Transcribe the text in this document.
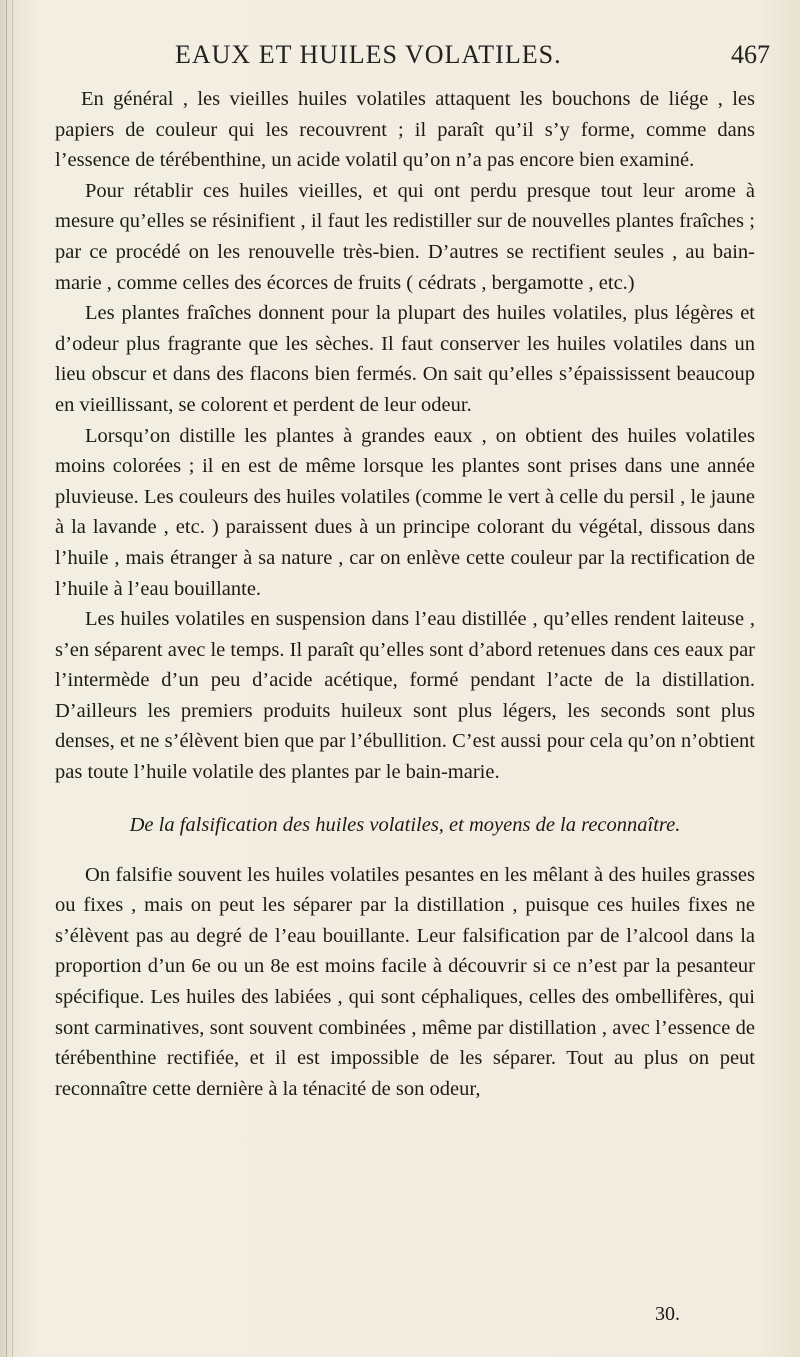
EAUX ET HUILES VOLATILES.	467

En général , les vieilles huiles volatiles attaquent les bouchons de liége , les papiers de couleur qui les recouvrent ; il paraît qu’il s’y forme, comme dans l’essence de térébenthine, un acide volatil qu’on n’a pas encore bien examiné.

Pour rétablir ces huiles vieilles, et qui ont perdu presque tout leur arome à mesure qu’elles se résinifient , il faut les redistiller sur de nouvelles plantes fraîches ; par ce procédé on les renouvelle très-bien. D’autres se rectifient seules , au bain-marie , comme celles des écorces de fruits ( cédrats , bergamotte , etc.)

Les plantes fraîches donnent pour la plupart des huiles volatiles, plus légères et d’odeur plus fragrante que les sèches. Il faut conserver les huiles volatiles dans un lieu obscur et dans des flacons bien fermés. On sait qu’elles s’épaississent beaucoup en vieillissant, se colorent et perdent de leur odeur.

Lorsqu’on distille les plantes à grandes eaux , on obtient des huiles volatiles moins colorées ; il en est de même lorsque les plantes sont prises dans une année pluvieuse. Les couleurs des huiles volatiles (comme le vert à celle du persil , le jaune à la lavande , etc. ) paraissent dues à un principe colorant du végétal, dissous dans l’huile , mais étranger à sa nature , car on enlève cette couleur par la rectification de l’huile à l’eau bouillante.

Les huiles volatiles en suspension dans l’eau distillée , qu’elles rendent laiteuse , s’en séparent avec le temps. Il paraît qu’elles sont d’abord retenues dans ces eaux par l’intermède d’un peu d’acide acétique, formé pendant l’acte de la distillation. D’ailleurs les premiers produits huileux sont plus légers, les seconds sont plus denses, et ne s’élèvent bien que par l’ébullition. C’est aussi pour cela qu’on n’obtient pas toute l’huile volatile des plantes par le bain-marie.

De la falsification des huiles volatiles, et moyens de la reconnaître.

On falsifie souvent les huiles volatiles pesantes en les mêlant à des huiles grasses ou fixes , mais on peut les séparer par la distillation , puisque ces huiles fixes ne s’élèvent pas au degré de l’eau bouillante. Leur falsification par de l’alcool dans la proportion d’un 6e ou un 8e est moins facile à découvrir si ce n’est par la pesanteur spécifique. Les huiles des labiées , qui sont céphaliques, celles des ombellifères, qui sont carminatives, sont souvent combinées , même par distillation , avec l’essence de térébenthine rectifiée, et il est impossible de les séparer. Tout au plus on peut reconnaître cette dernière à la ténacité de son odeur,

30.
